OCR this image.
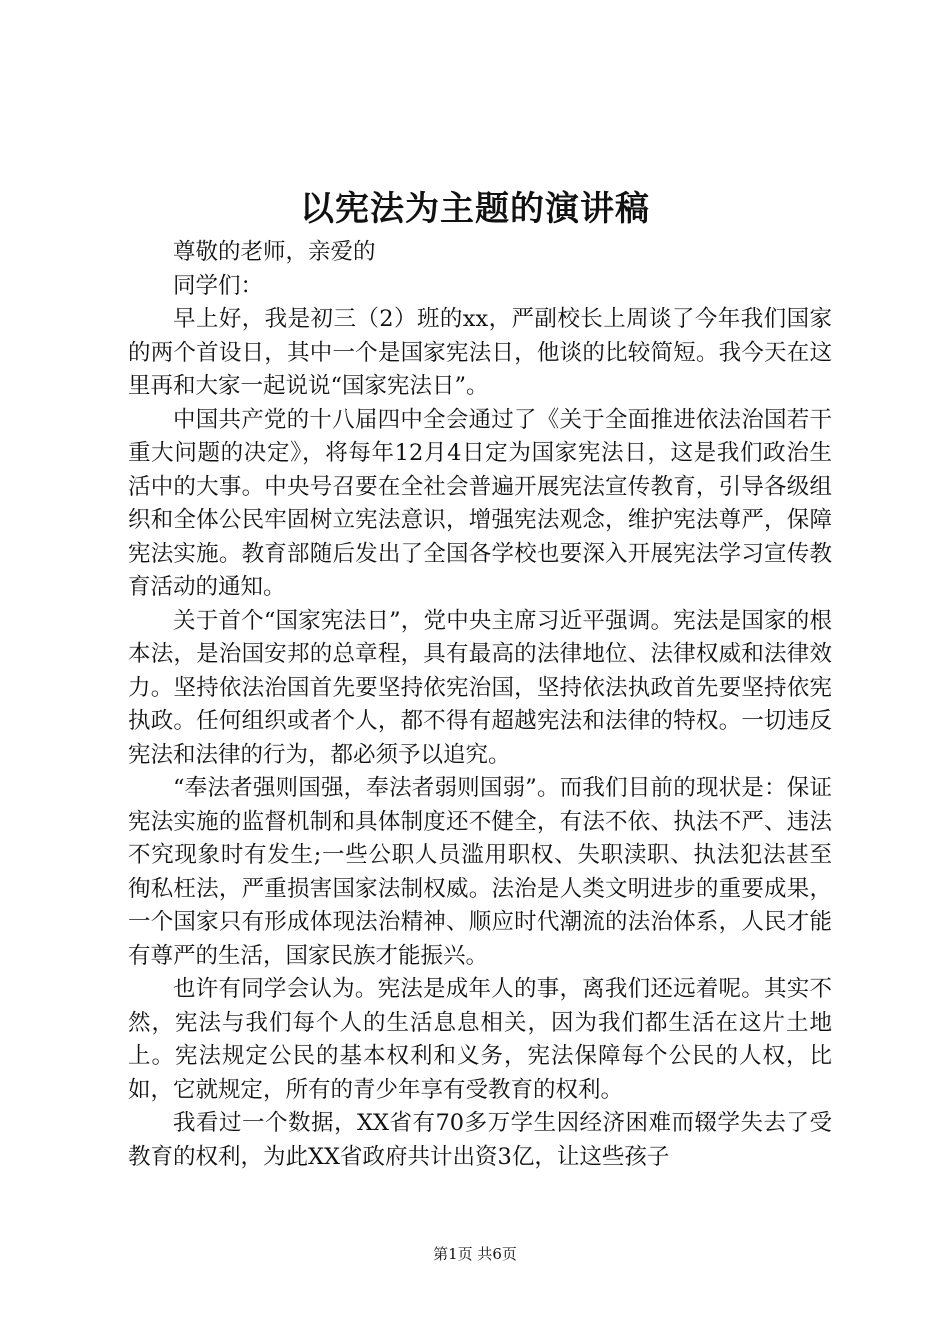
以宪法为主题的演讲稿

尊敬的老师，亲爱的

同学们：

早上好，我是初三（2）班的xx，严副校长上周谈了今年我们国家的两个首设日，其中一个是国家宪法日，他谈的比较简短。我今天在这里再和大家一起说说“国家宪法日”。

中国共产党的十八届四中全会通过了《关于全面推进依法治国若干重大问题的决定》，将每年12月4日定为国家宪法日，这是我们政治生活中的大事。中央号召要在全社会普遍开展宪法宣传教育，引导各级组织和全体公民牢固树立宪法意识，增强宪法观念，维护宪法尊严，保障宪法实施。教育部随后发出了全国各学校也要深入开展宪法学习宣传教育活动的通知。

关于首个“国家宪法日”，党中央主席习近平强调。宪法是国家的根本法，是治国安邦的总章程，具有最高的法律地位、法律权威和法律效力。坚持依法治国首先要坚持依宪治国，坚持依法执政首先要坚持依宪执政。任何组织或者个人，都不得有超越宪法和法律的特权。一切违反宪法和法律的行为，都必须予以追究。

“奉法者强则国强，奉法者弱则国弱”。而我们目前的现状是：保证宪法实施的监督机制和具体制度还不健全，有法不依、执法不严、违法不究现象时有发生;一些公职人员滥用职权、失职渎职、执法犯法甚至徇私枉法，严重损害国家法制权威。法治是人类文明进步的重要成果，一个国家只有形成体现法治精神、顺应时代潮流的法治体系，人民才能有尊严的生活，国家民族才能振兴。

也许有同学会认为。宪法是成年人的事，离我们还远着呢。其实不然，宪法与我们每个人的生活息息相关，因为我们都生活在这片土地上。宪法规定公民的基本权利和义务，宪法保障每个公民的人权，比如，它就规定，所有的青少年享有受教育的权利。

我看过一个数据，XX省有70多万学生因经济困难而辍学失去了受教育的权利，为此XX省政府共计出资3亿，让这些孩子

第1页 共6页
